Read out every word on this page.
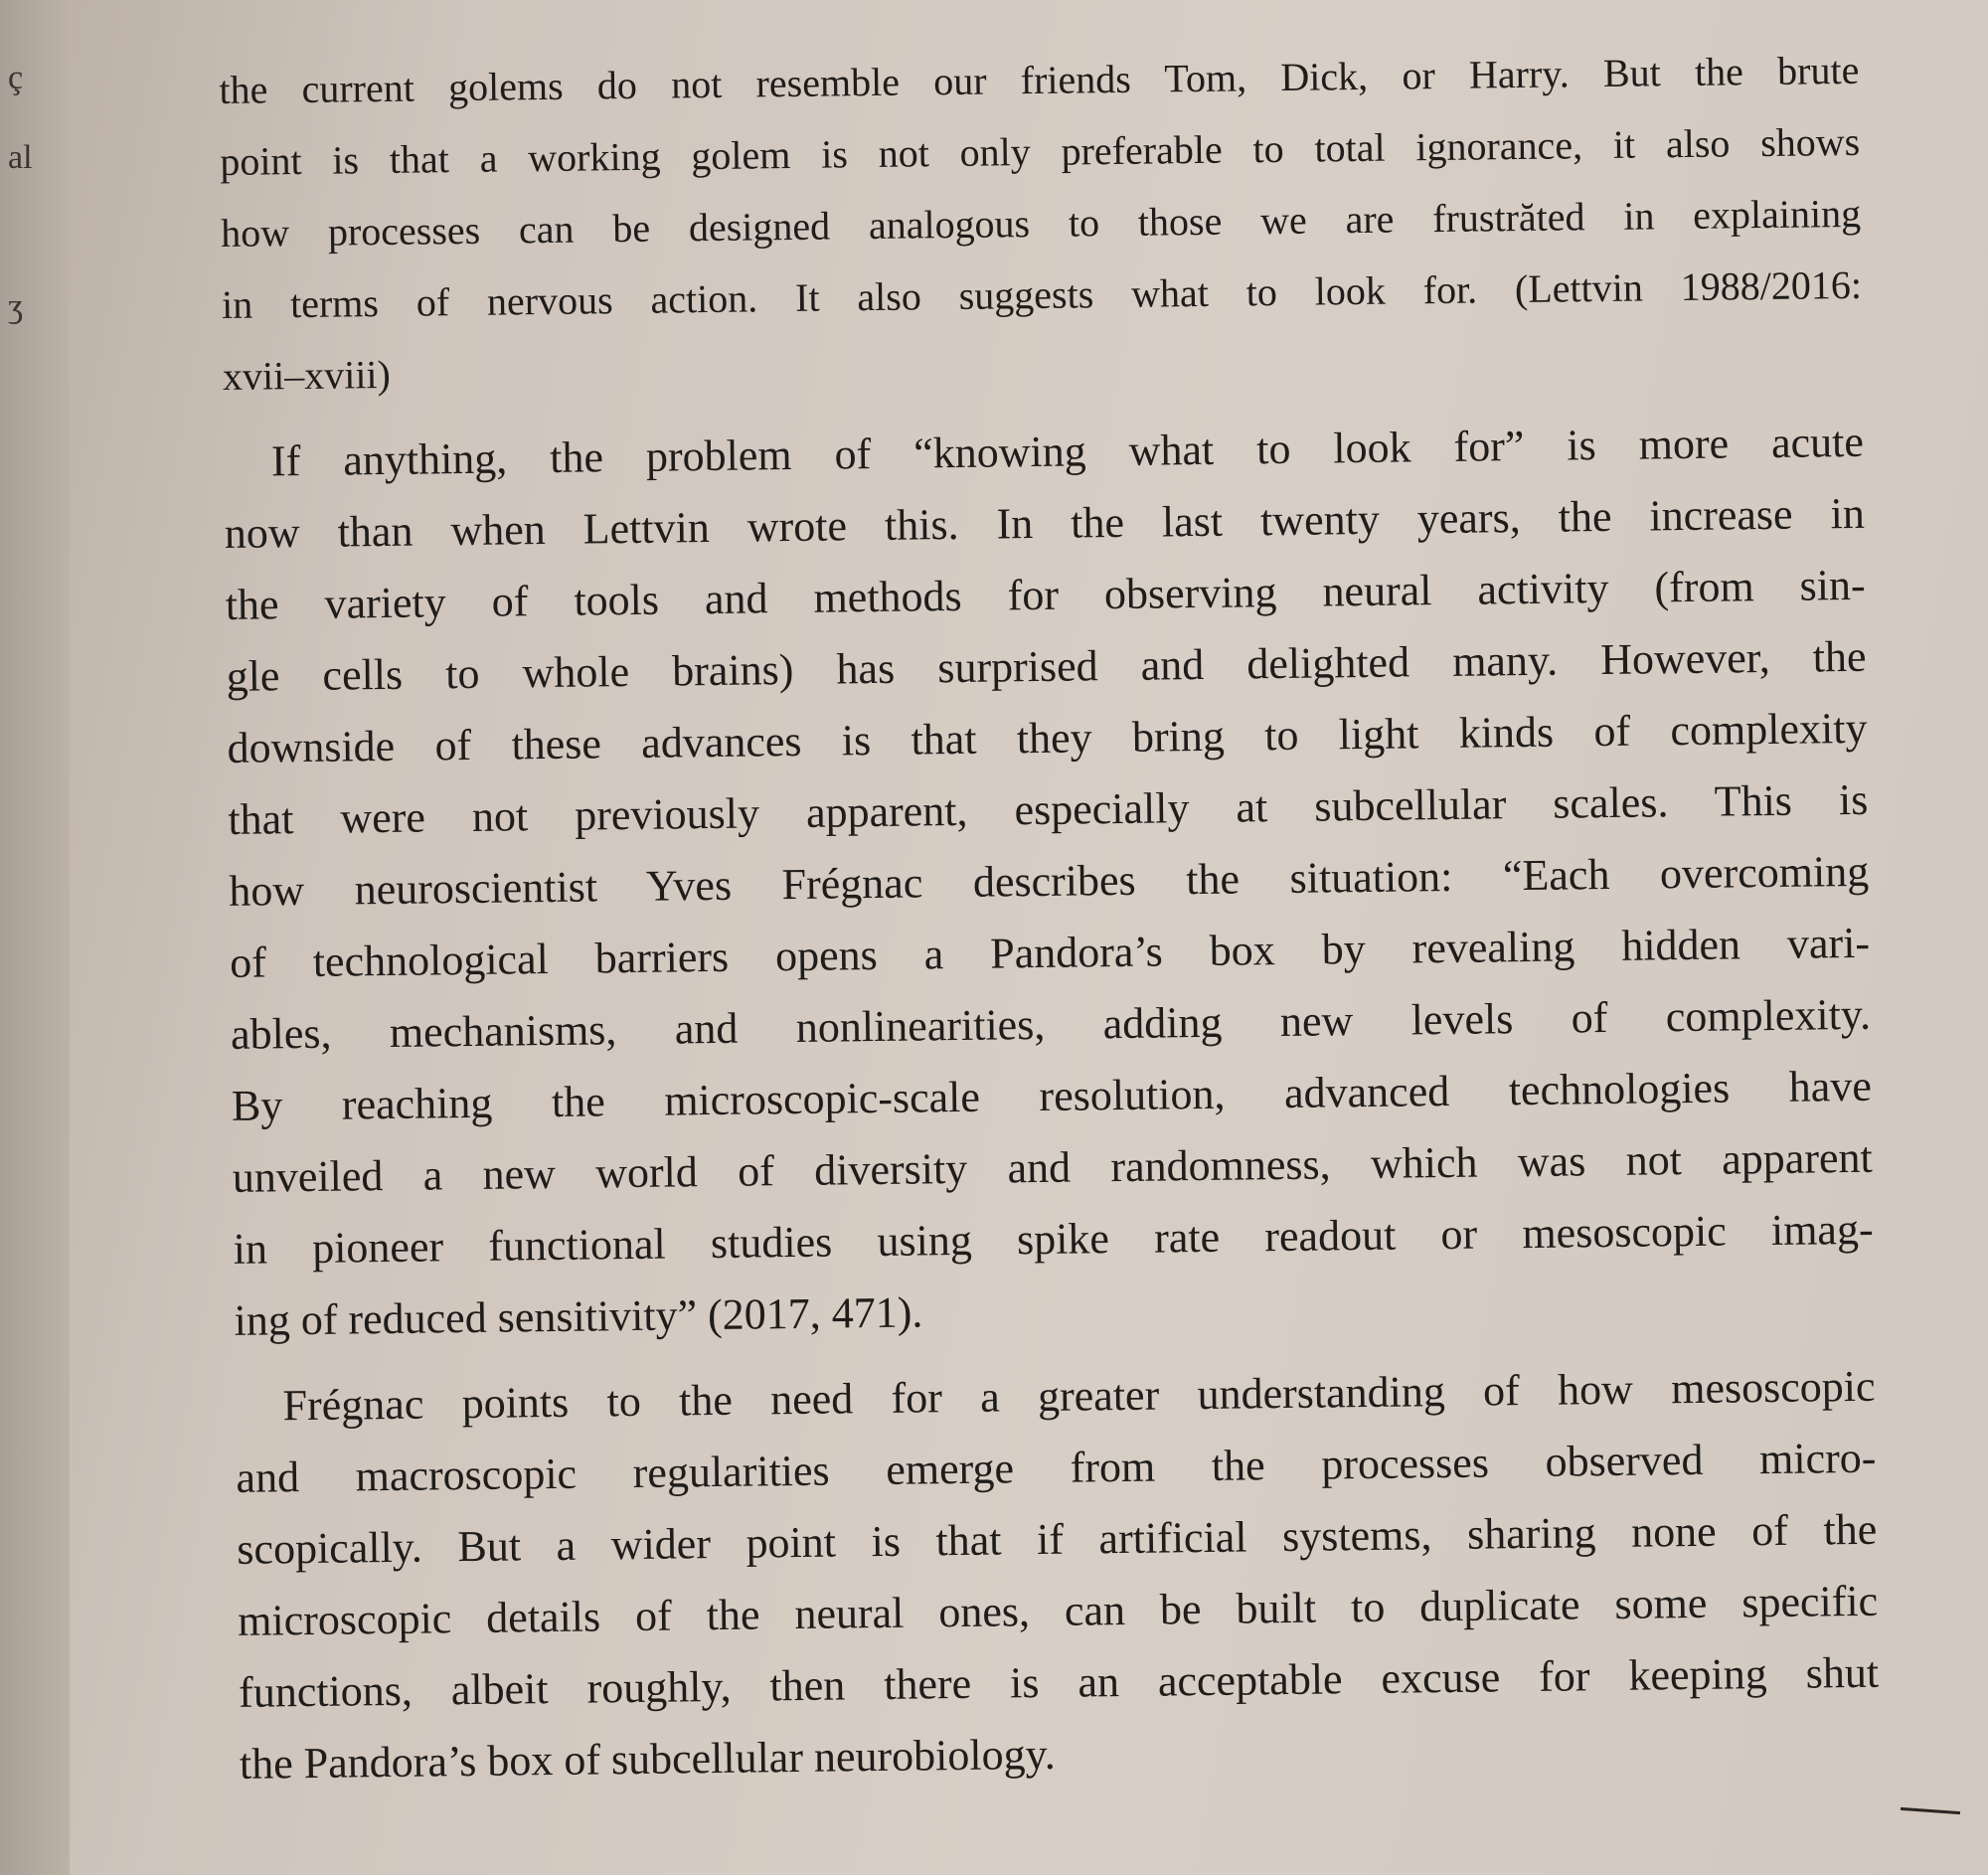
ç
al
ʒ
the current golems do not resemble our friends Tom, Dick, or Harry. But the brute
point is that a working golem is not only preferable to total ignorance, it also shows
how processes can be designed analogous to those we are frustrăted in explaining
in terms of nervous action. It also suggests what to look for. (Lettvin 1988/2016:
xvii–xviii)
If anything, the problem of “knowing what to look for” is more acute
now than when Lettvin wrote this. In the last twenty years, the increase in
the variety of tools and methods for observing neural activity (from sin-
gle cells to whole brains) has surprised and delighted many. However, the
downside of these advances is that they bring to light kinds of complexity
that were not previously apparent, especially at subcellular scales. This is
how neuroscientist Yves Frégnac describes the situation: “Each overcoming
of technological barriers opens a Pandora’s box by revealing hidden vari-
ables, mechanisms, and nonlinearities, adding new levels of complexity.
By reaching the microscopic-scale resolution, advanced technologies have
unveiled a new world of diversity and randomness, which was not apparent
in pioneer functional studies using spike rate readout or mesoscopic imag-
ing of reduced sensitivity” (2017, 471).
Frégnac points to the need for a greater understanding of how mesoscopic
and macroscopic regularities emerge from the processes observed micro-
scopically. But a wider point is that if artificial systems, sharing none of the
microscopic details of the neural ones, can be built to duplicate some specific
functions, albeit roughly, then there is an acceptable excuse for keeping shut
the Pandora’s box of subcellular neurobiology.
